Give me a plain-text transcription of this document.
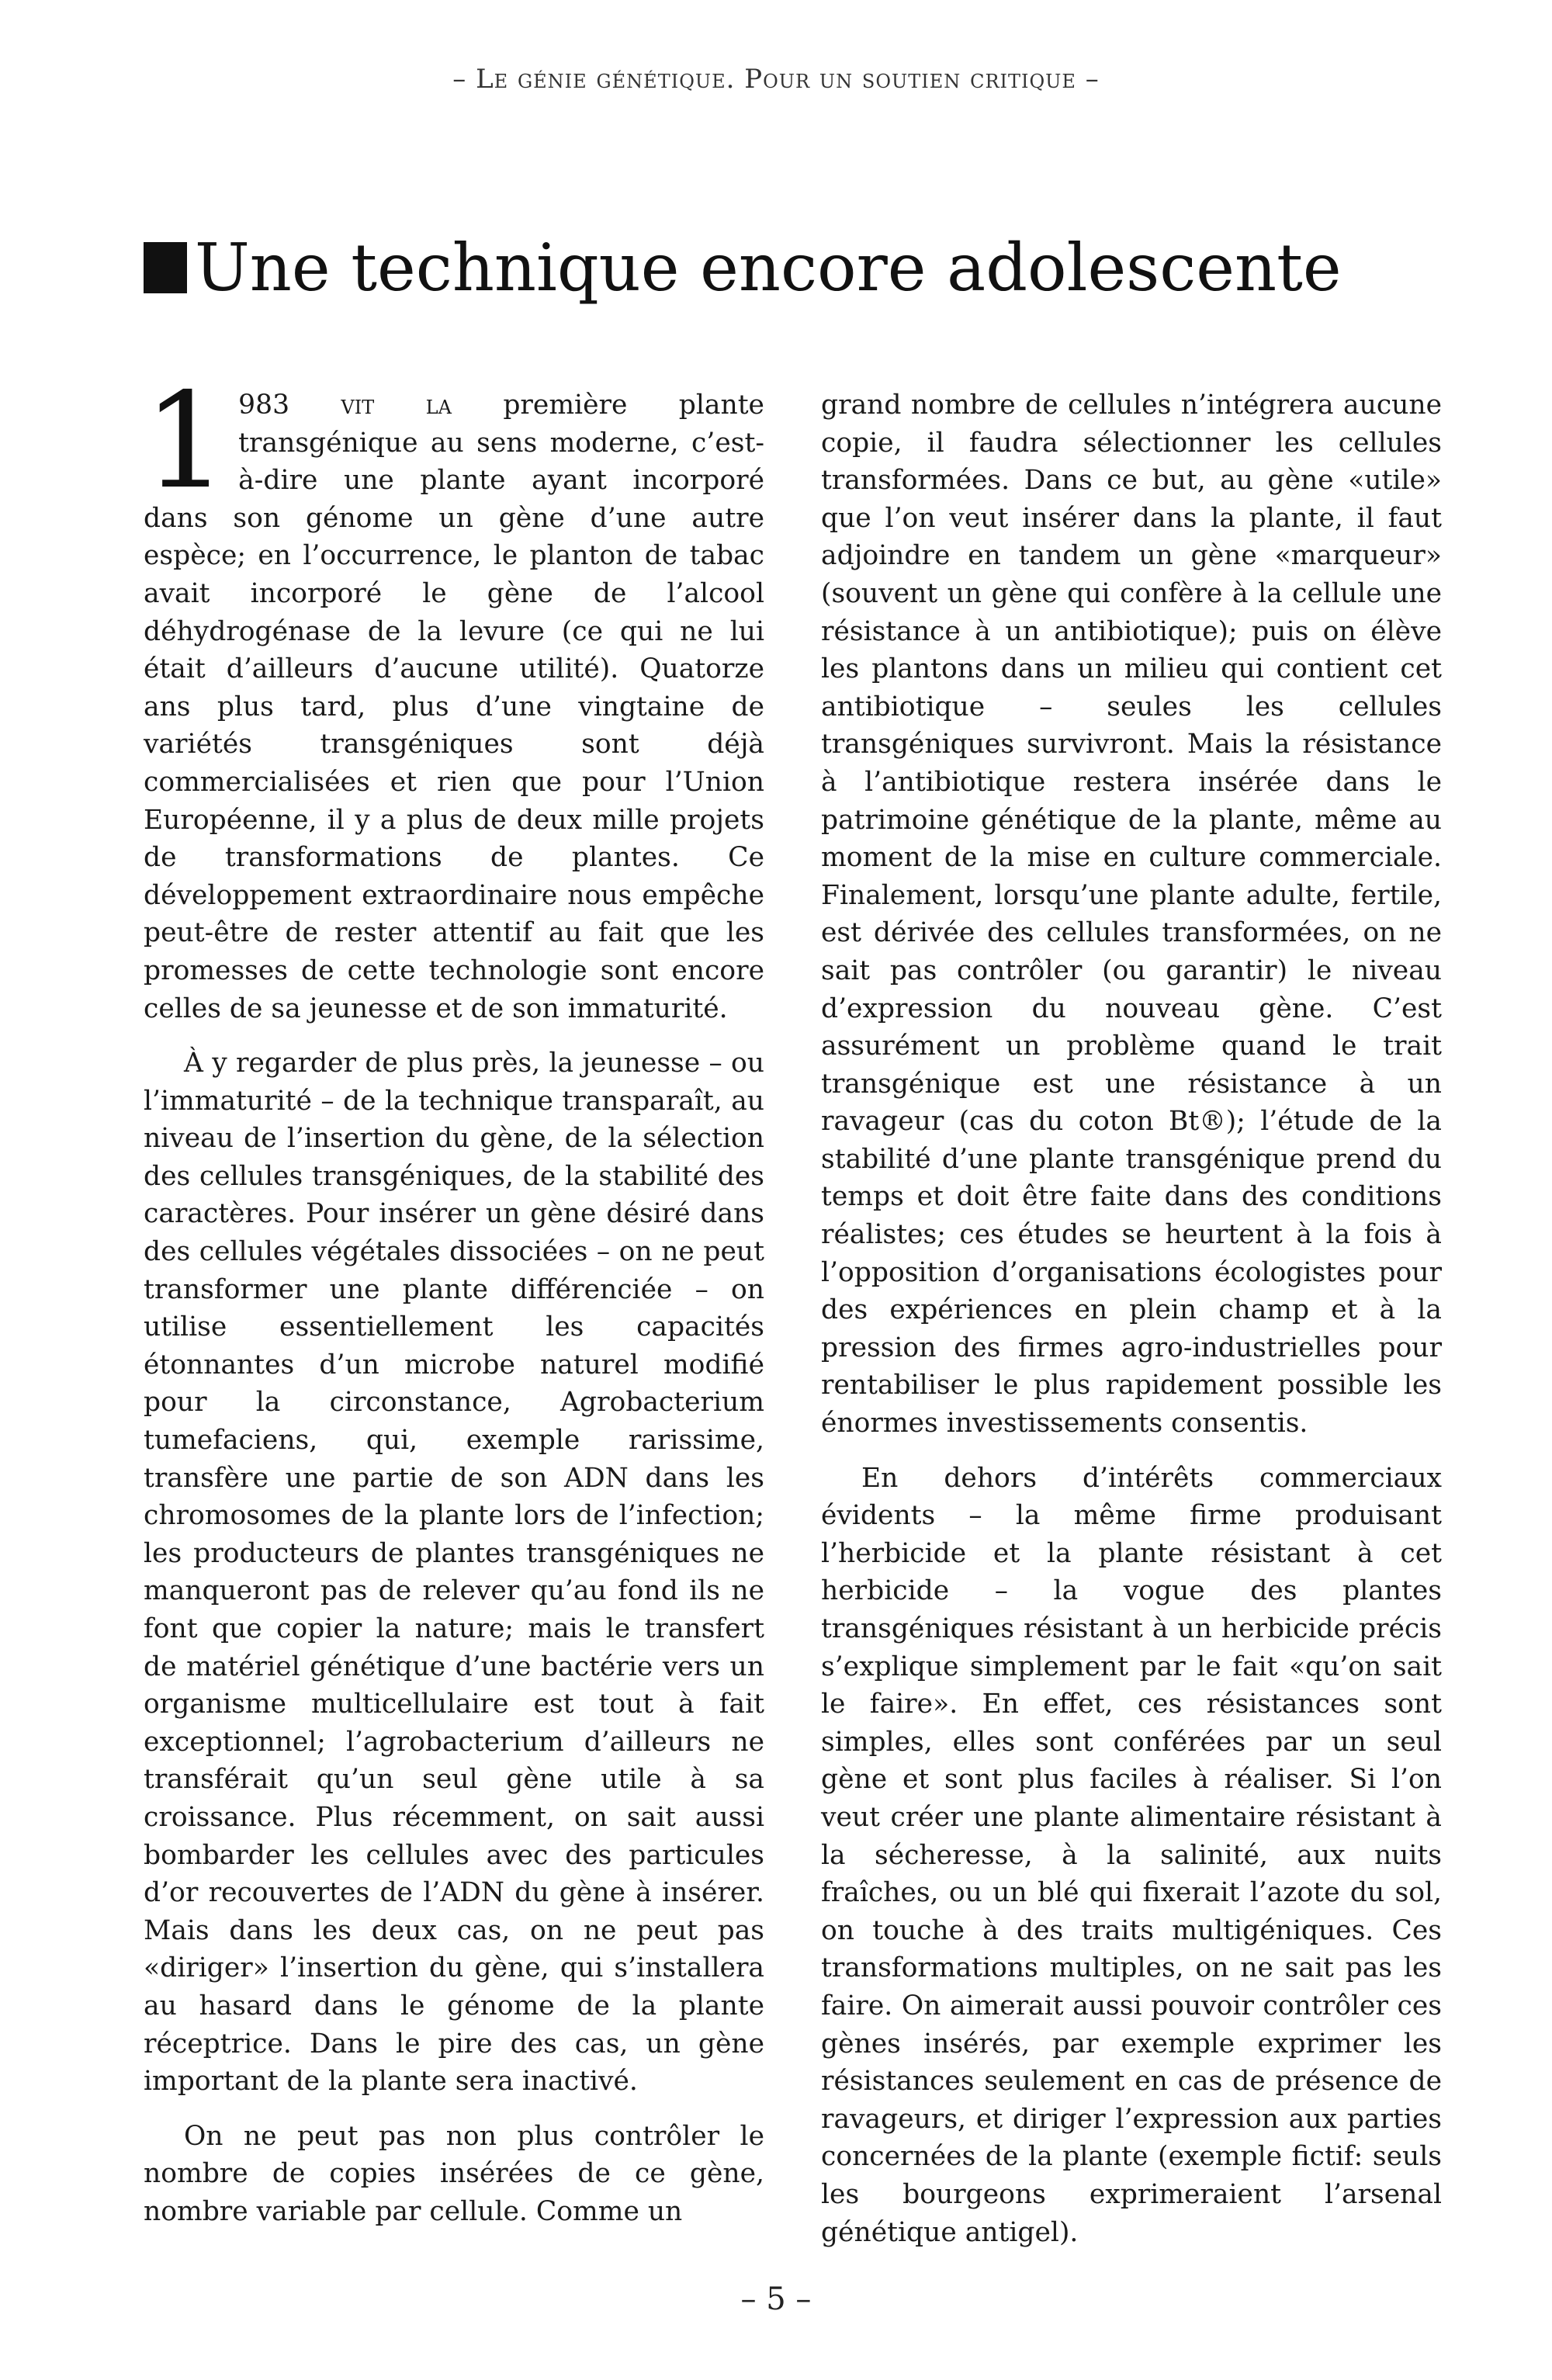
– Le génie génétique. Pour un soutien critique –
Une technique encore adolescente

1 983 vit la première plante transgénique au sens moderne, c’est-à-dire une plante ayant incorporé dans son génome un gène d’une autre espèce; en l’occurrence, le planton de tabac avait incorporé le gène de l’alcool déhydrogénase de la levure (ce qui ne lui était d’ailleurs d’aucune utilité). Quatorze ans plus tard, plus d’une vingtaine de variétés transgéniques sont déjà commercialisées et rien que pour l’Union Européenne, il y a plus de deux mille projets de transformations de plantes. Ce développement extraordinaire nous empêche peut-être de rester attentif au fait que les promesses de cette technologie sont encore celles de sa jeunesse et de son immaturité.

À y regarder de plus près, la jeunesse – ou l’immaturité – de la technique transparaît, au niveau de l’insertion du gène, de la sélection des cellules transgéniques, de la stabilité des caractères. Pour insérer un gène désiré dans des cellules végétales dissociées – on ne peut transformer une plante différenciée – on utilise essentiellement les capacités étonnantes d’un microbe naturel modifié pour la circonstance, Agrobacterium tumefaciens, qui, exemple rarissime, transfère une partie de son ADN dans les chromosomes de la plante lors de l’infection; les producteurs de plantes transgéniques ne manqueront pas de relever qu’au fond ils ne font que copier la nature; mais le transfert de matériel génétique d’une bactérie vers un organisme multicellulaire est tout à fait exceptionnel; l’agrobacterium d’ailleurs ne transférait qu’un seul gène utile à sa croissance. Plus récemment, on sait aussi bombarder les cellules avec des particules d’or recouvertes de l’ADN du gène à insérer. Mais dans les deux cas, on ne peut pas «diriger» l’insertion du gène, qui s’installera au hasard dans le génome de la plante réceptrice. Dans le pire des cas, un gène important de la plante sera inactivé.

On ne peut pas non plus contrôler le nombre de copies insérées de ce gène, nombre variable par cellule. Comme un

grand nombre de cellules n’intégrera aucune copie, il faudra sélectionner les cellules transformées. Dans ce but, au gène «utile» que l’on veut insérer dans la plante, il faut adjoindre en tandem un gène «marqueur» (souvent un gène qui confère à la cellule une résistance à un antibiotique); puis on élève les plantons dans un milieu qui contient cet antibiotique – seules les cellules transgéniques survivront. Mais la résistance à l’antibiotique restera insérée dans le patrimoine génétique de la plante, même au moment de la mise en culture commerciale. Finalement, lorsqu’une plante adulte, fertile, est dérivée des cellules transformées, on ne sait pas contrôler (ou garantir) le niveau d’expression du nouveau gène. C’est assurément un problème quand le trait transgénique est une résistance à un ravageur (cas du coton Bt®); l’étude de la stabilité d’une plante transgénique prend du temps et doit être faite dans des conditions réalistes; ces études se heurtent à la fois à l’opposition d’organisations écologistes pour des expériences en plein champ et à la pression des firmes agro-industrielles pour rentabiliser le plus rapidement possible les énormes investissements consentis.

En dehors d’intérêts commerciaux évidents – la même firme produisant l’herbicide et la plante résistant à cet herbicide – la vogue des plantes transgéniques résistant à un herbicide précis s’explique simplement par le fait «qu’on sait le faire». En effet, ces résistances sont simples, elles sont conférées par un seul gène et sont plus faciles à réaliser. Si l’on veut créer une plante alimentaire résistant à la sécheresse, à la salinité, aux nuits fraîches, ou un blé qui fixerait l’azote du sol, on touche à des traits multigéniques. Ces transformations multiples, on ne sait pas les faire. On aimerait aussi pouvoir contrôler ces gènes insérés, par exemple exprimer les résistances seulement en cas de présence de ravageurs, et diriger l’expression aux parties concernées de la plante (exemple fictif: seuls les bourgeons exprimeraient l’arsenal génétique antigel).

– 5 –
